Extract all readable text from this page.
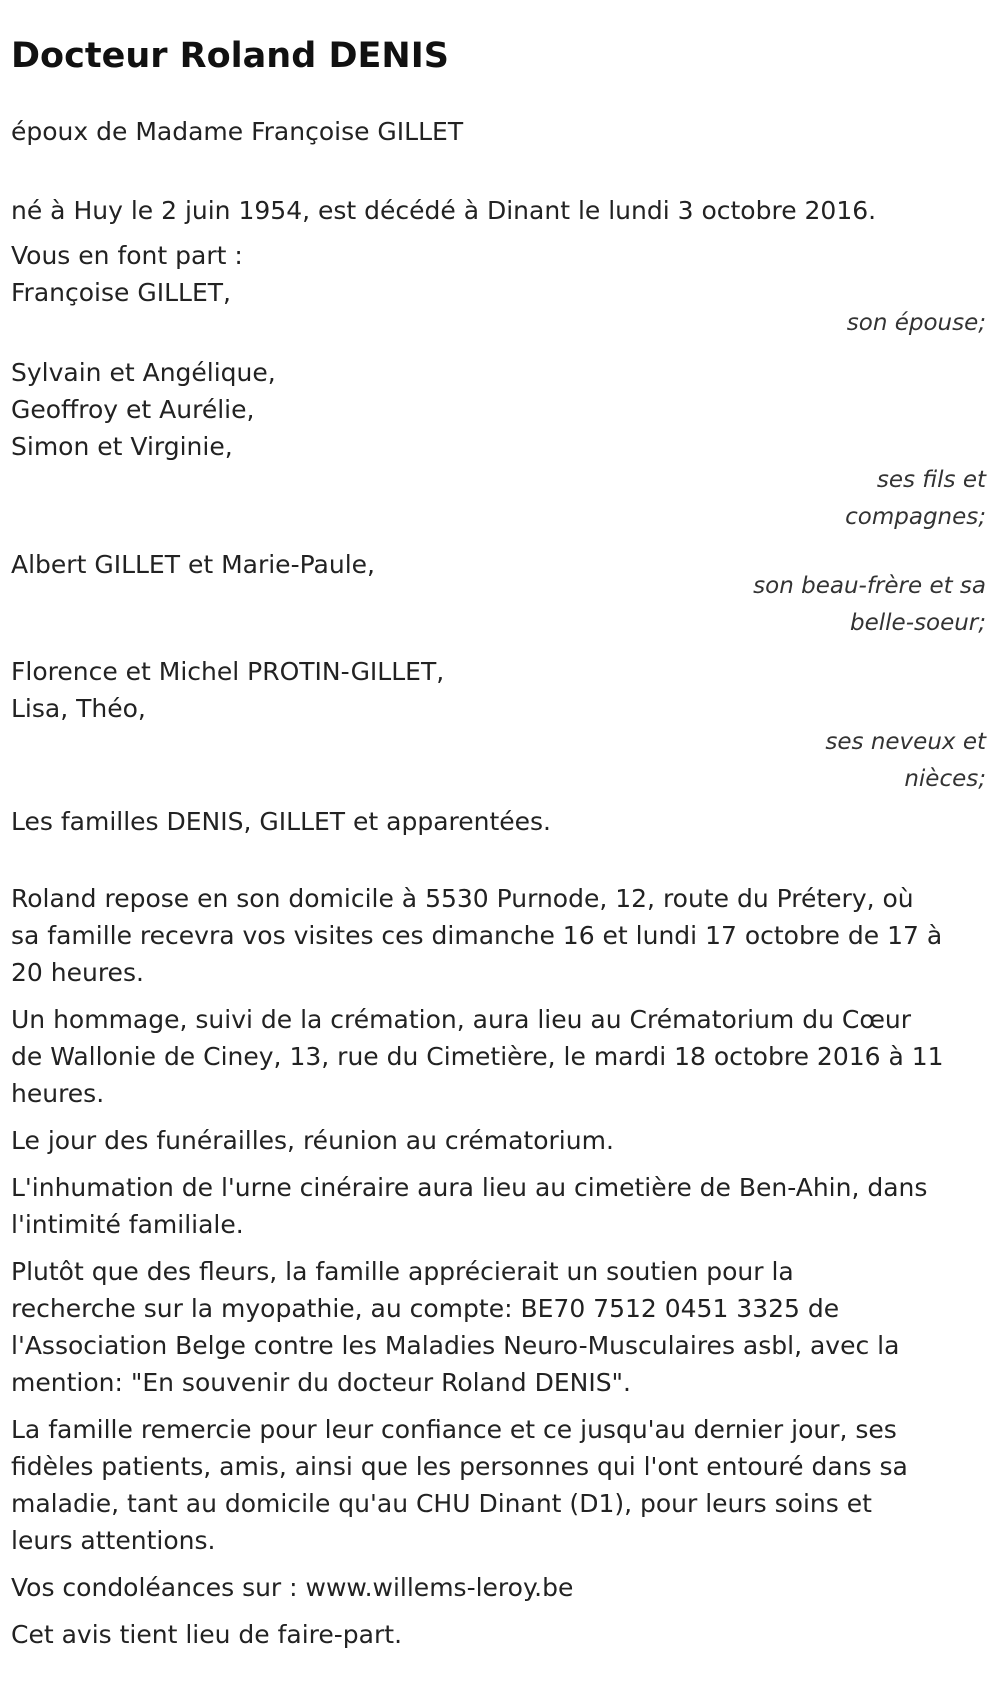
Docteur Roland DENIS

époux de Madame Françoise GILLET

né à Huy le 2 juin 1954, est décédé à Dinant le lundi 3 octobre 2016.

Vous en font part :

Françoise GILLET,

son épouse;

Sylvain et Angélique,

Geoffroy et Aurélie,

Simon et Virginie,

ses fils et
compagnes;

Albert GILLET et Marie-Paule,

son beau-frère et sa
belle-soeur;

Florence et Michel PROTIN-GILLET,

Lisa, Théo,

ses neveux et
nièces;

Les familles DENIS, GILLET et apparentées.

Roland repose en son domicile à 5530 Purnode, 12, route du Prétery, où
sa famille recevra vos visites ces dimanche 16 et lundi 17 octobre de 17 à
20 heures.

Un hommage, suivi de la crémation, aura lieu au Crématorium du Cœur
de Wallonie de Ciney, 13, rue du Cimetière, le mardi 18 octobre 2016 à 11
heures.

Le jour des funérailles, réunion au crématorium.

L'inhumation de l'urne cinéraire aura lieu au cimetière de Ben-Ahin, dans
l'intimité familiale.

Plutôt que des fleurs, la famille apprécierait un soutien pour la
recherche sur la myopathie, au compte: BE70 7512 0451 3325 de
l'Association Belge contre les Maladies Neuro-Musculaires asbl, avec la
mention: "En souvenir du docteur Roland DENIS".

La famille remercie pour leur confiance et ce jusqu'au dernier jour, ses
fidèles patients, amis, ainsi que les personnes qui l'ont entouré dans sa
maladie, tant au domicile qu'au CHU Dinant (D1), pour leurs soins et
leurs attentions.

Vos condoléances sur : www.willems-leroy.be

Cet avis tient lieu de faire-part.
